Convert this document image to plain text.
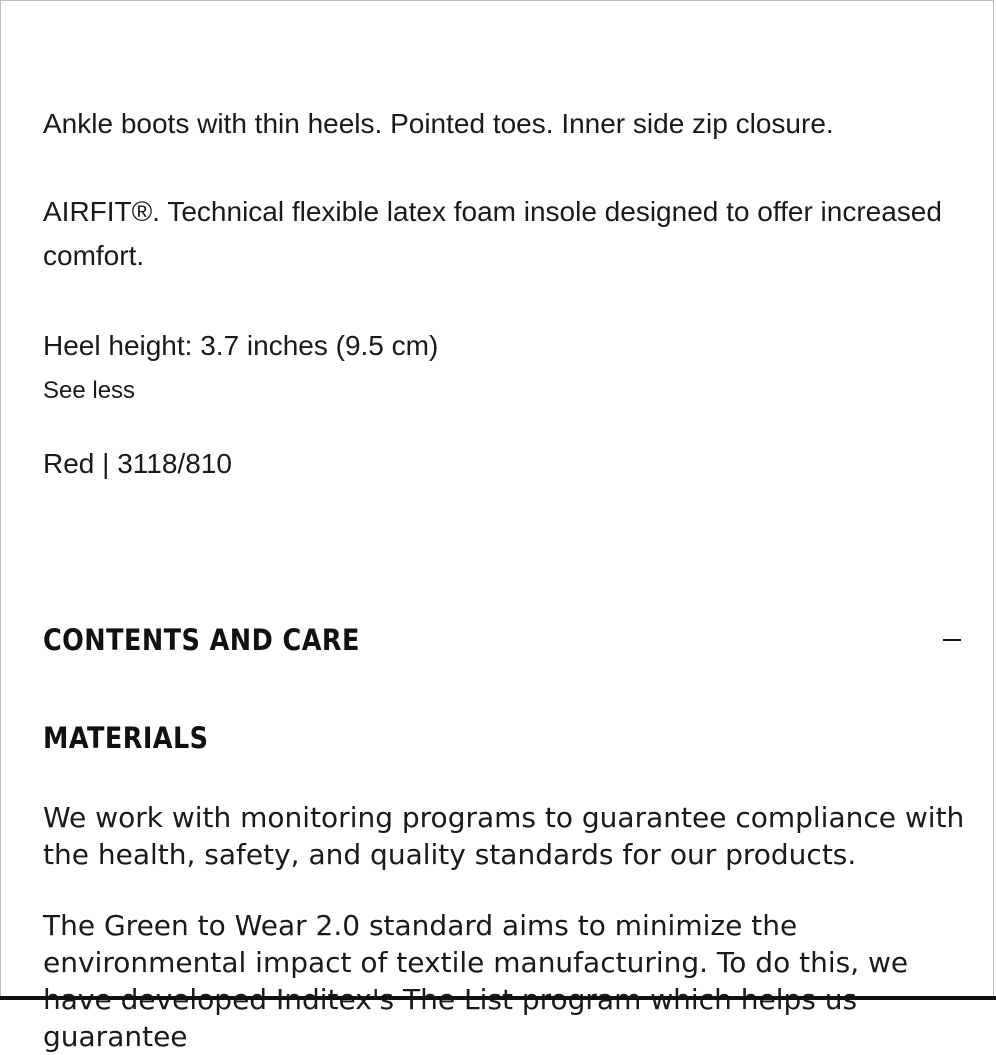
Ankle boots with thin heels. Pointed toes. Inner side zip closure.

AIRFIT®. Technical flexible latex foam insole designed to offer increased comfort.

Heel height: 3.7 inches (9.5 cm)

See less

Red | 3118/810

CONTENTS AND CARE
MATERIALS

We work with monitoring programs to guarantee compliance with the health, safety, and quality standards for our products.

The Green to Wear 2.0 standard aims to minimize the environmental impact of textile manufacturing. To do this, we guarantee
